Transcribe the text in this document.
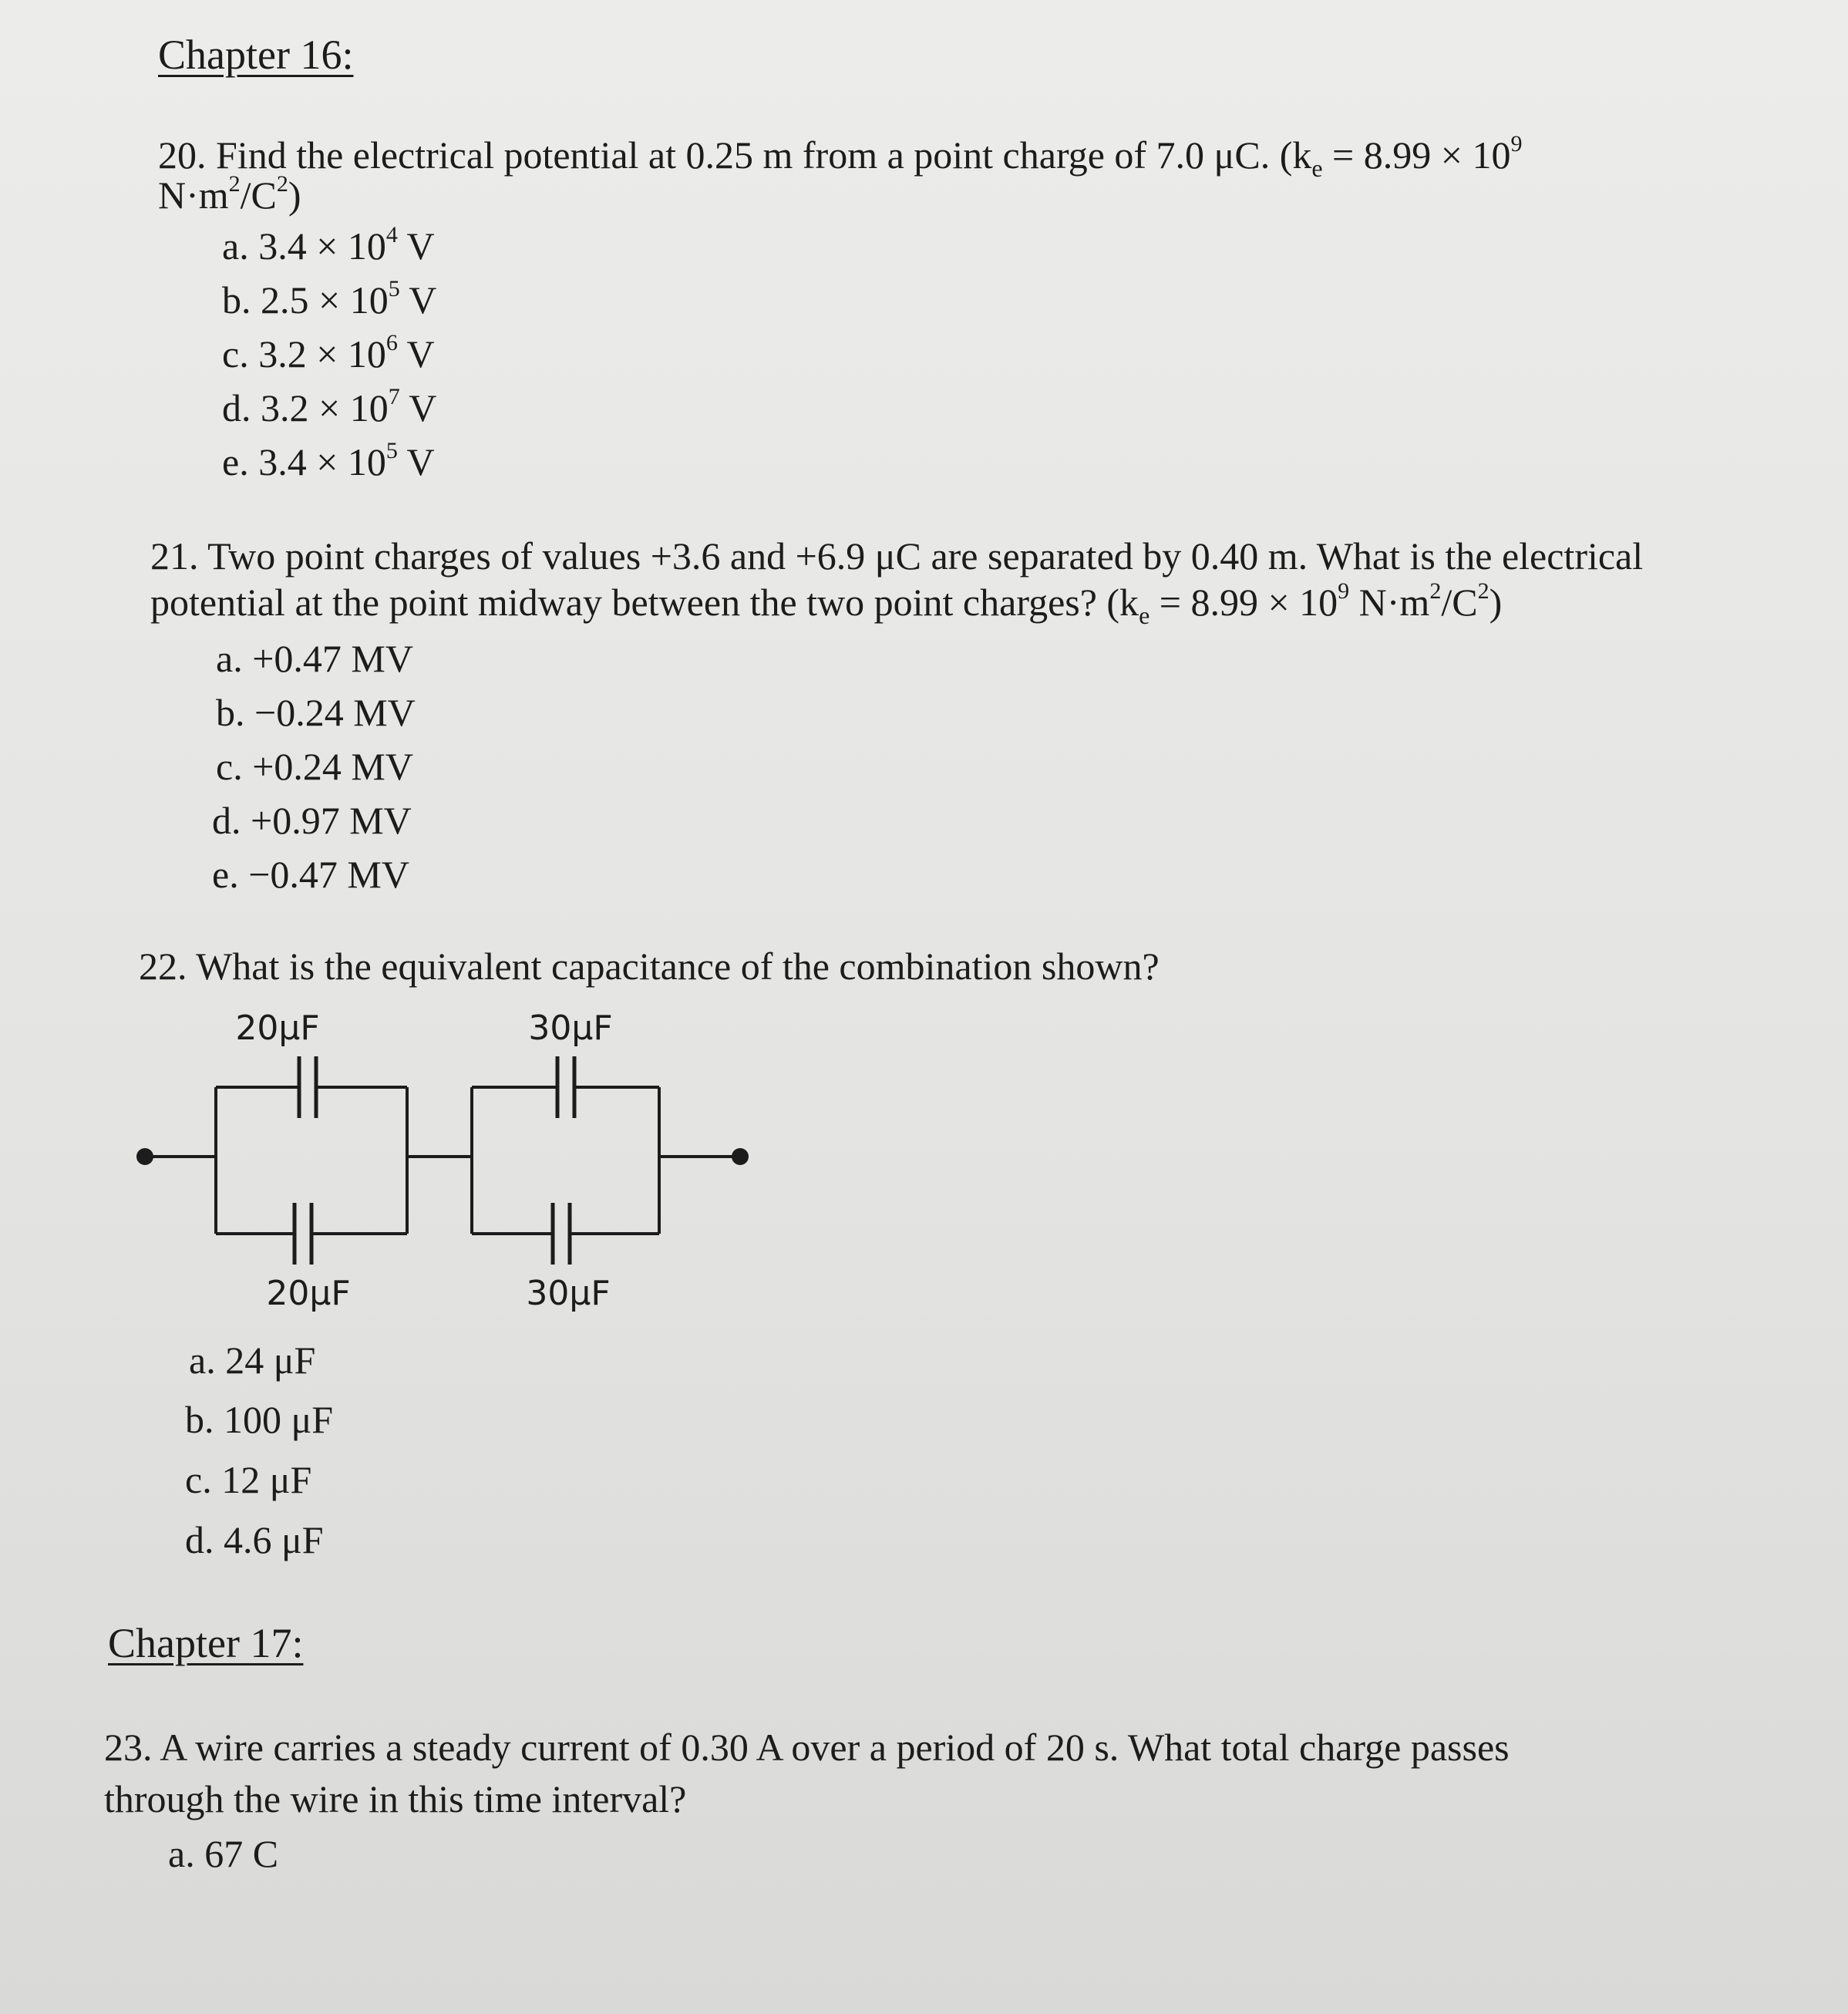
Chapter 16:
20. Find the electrical potential at 0.25 m from a point charge of 7.0 μC. ($k_e = 8.99 \times 10^9$
$N\cdot m^2/C^2$)
a. $3.4 \times 10^4$ V
b. $2.5 \times 10^5$ V
c. $3.2 \times 10^6$ V
d. $3.2 \times 10^7$ V
e. $3.4 \times 10^5$ V
21. Two point charges of values +3.6 and +6.9 μC are separated by 0.40 m. What is the electrical
potential at the point midway between the two point charges? ($k_e = 8.99 \times 10^9$ $N\cdot m^2/C^2$)
a. +0.47 MV
b. −0.24 MV
c. +0.24 MV
d. +0.97 MV
e. −0.47 MV
22. What is the equivalent capacitance of the combination shown?
20μF	30μF
20μF	30μF
a. 24 μF
b. 100 μF
c. 12 μF
d. 4.6 μF
Chapter 17:
23. A wire carries a steady current of 0.30 A over a period of 20 s. What total charge passes
through the wire in this time interval?
a. 67 C
